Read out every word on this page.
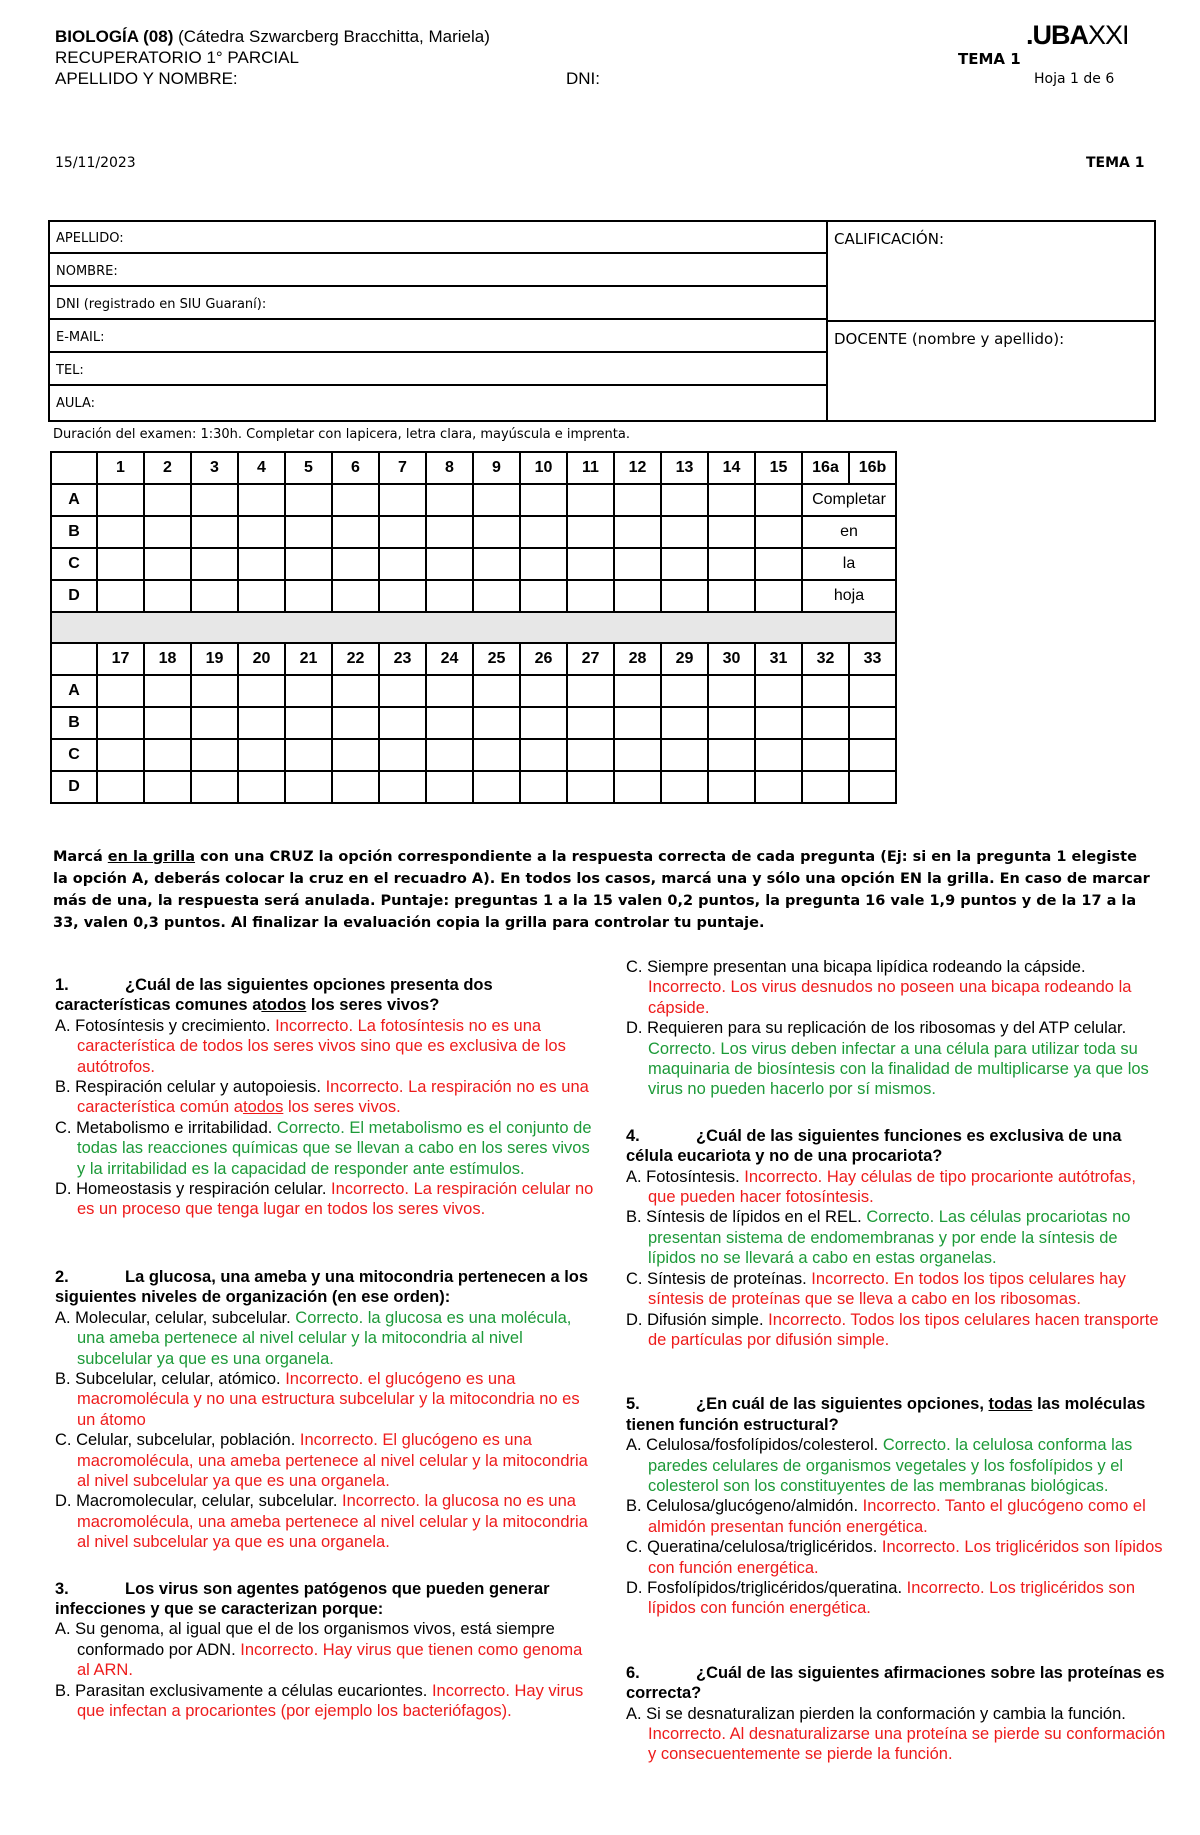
BIOLOGÍA (08) (Cátedra Szwarcberg Bracchitta, Mariela)
RECUPERATORIO 1° PARCIAL
APELLIDO Y NOMBRE:	DNI:
.UBAXXI
TEMA 1
Hoja 1 de 6
15/11/2023	TEMA 1
APELLIDO:
NOMBRE:
DNI (registrado en SIU Guaraní):
E-MAIL:
TEL:
AULA:
CALIFICACIÓN:
DOCENTE (nombre y apellido):
Duración del examen: 1:30h. Completar con lapicera, letra clara, mayúscula e imprenta.
	1	2	3	4	5	6	7	8	9	10	11	12	13	14	15	16a	16b
A																Completar	
B																en	
C																la	
D																hoja	

	17	18	19	20	21	22	23	24	25	26	27	28	29	30	31	32	33
A																	
B																	
C																	
D																	
Marcá en la grilla con una CRUZ la opción correspondiente a la respuesta correcta de cada pregunta (Ej: si en la pregunta 1 elegiste la opción A, deberás colocar la cruz en el recuadro A). En todos los casos, marcá una y sólo una opción EN la grilla. En caso de marcar más de una, la respuesta será anulada. Puntaje: preguntas 1 a la 15 valen 0,2 puntos, la pregunta 16 vale 1,9 puntos y de la 17 a la 33, valen 0,3 puntos. Al finalizar la evaluación copia la grilla para controlar tu puntaje.

1.	¿Cuál de las siguientes opciones presenta dos características comunes atodos los seres vivos?

A. Fotosíntesis y crecimiento. Incorrecto. La fotosíntesis no es una característica de todos los seres vivos sino que es exclusiva de los autótrofos.

B. Respiración celular y autopoiesis. Incorrecto. La respiración no es una característica común atodos los seres vivos.

C. Metabolismo e irritabilidad. Correcto. El metabolismo es el conjunto de todas las reacciones químicas que se llevan a cabo en los seres vivos y la irritabilidad es la capacidad de responder ante estímulos.

D. Homeostasis y respiración celular. Incorrecto. La respiración celular no es un proceso que tenga lugar en todos los seres vivos.

2.	La glucosa, una ameba y una mitocondria pertenecen a los siguientes niveles de organización (en ese orden):

A. Molecular, celular, subcelular. Correcto. la glucosa es una molécula, una ameba pertenece al nivel celular y la mitocondria al nivel subcelular ya que es una organela.

B. Subcelular, celular, atómico. Incorrecto. el glucógeno es una macromolécula y no una estructura subcelular y la mitocondria no es un átomo

C. Celular, subcelular, población. Incorrecto. El glucógeno es una macromolécula, una ameba pertenece al nivel celular y la mitocondria al nivel subcelular ya que es una organela.

D. Macromolecular, celular, subcelular. Incorrecto. la glucosa no es una macromolécula, una ameba pertenece al nivel celular y la mitocondria al nivel subcelular ya que es una organela.

3.	Los virus son agentes patógenos que pueden generar infecciones y que se caracterizan porque:

A. Su genoma, al igual que el de los organismos vivos, está siempre conformado por ADN. Incorrecto. Hay virus que tienen como genoma al ARN.

B. Parasitan exclusivamente a células eucariontes. Incorrecto. Hay virus que infectan a procariontes (por ejemplo los bacteriófagos).

C. Siempre presentan una bicapa lipídica rodeando la cápside. Incorrecto. Los virus desnudos no poseen una bicapa rodeando la cápside.

D. Requieren para su replicación de los ribosomas y del ATP celular. Correcto. Los virus deben infectar a una célula para utilizar toda su maquinaria de biosíntesis con la finalidad de multiplicarse ya que los virus no pueden hacerlo por sí mismos.

4.	¿Cuál de las siguientes funciones es exclusiva de una célula eucariota y no de una procariota?

A. Fotosíntesis. Incorrecto. Hay células de tipo procarionte autótrofas, que pueden hacer fotosíntesis.

B. Síntesis de lípidos en el REL. Correcto. Las células procariotas no presentan sistema de endomembranas y por ende la síntesis de lípidos no se llevará a cabo en estas organelas.

C. Síntesis de proteínas. Incorrecto. En todos los tipos celulares hay síntesis de proteínas que se lleva a cabo en los ribosomas.

D. Difusión simple. Incorrecto. Todos los tipos celulares hacen transporte de partículas por difusión simple.

5.	¿En cuál de las siguientes opciones, todas las moléculas tienen función estructural?

A. Celulosa/fosfolípidos/colesterol. Correcto. la celulosa conforma las paredes celulares de organismos vegetales y los fosfolípidos y el colesterol son los constituyentes de las membranas biológicas.

B. Celulosa/glucógeno/almidón. Incorrecto. Tanto el glucógeno como el almidón presentan función energética.

C. Queratina/celulosa/triglicéridos. Incorrecto. Los triglicéridos son lípidos con función energética.

D. Fosfolípidos/triglicéridos/queratina. Incorrecto. Los triglicéridos son lípidos con función energética.

6.	¿Cuál de las siguientes afirmaciones sobre las proteínas es correcta?

A. Si se desnaturalizan pierden la conformación y cambia la función. Incorrecto. Al desnaturalizarse una proteína se pierde su conformación y consecuentemente se pierde la función.
